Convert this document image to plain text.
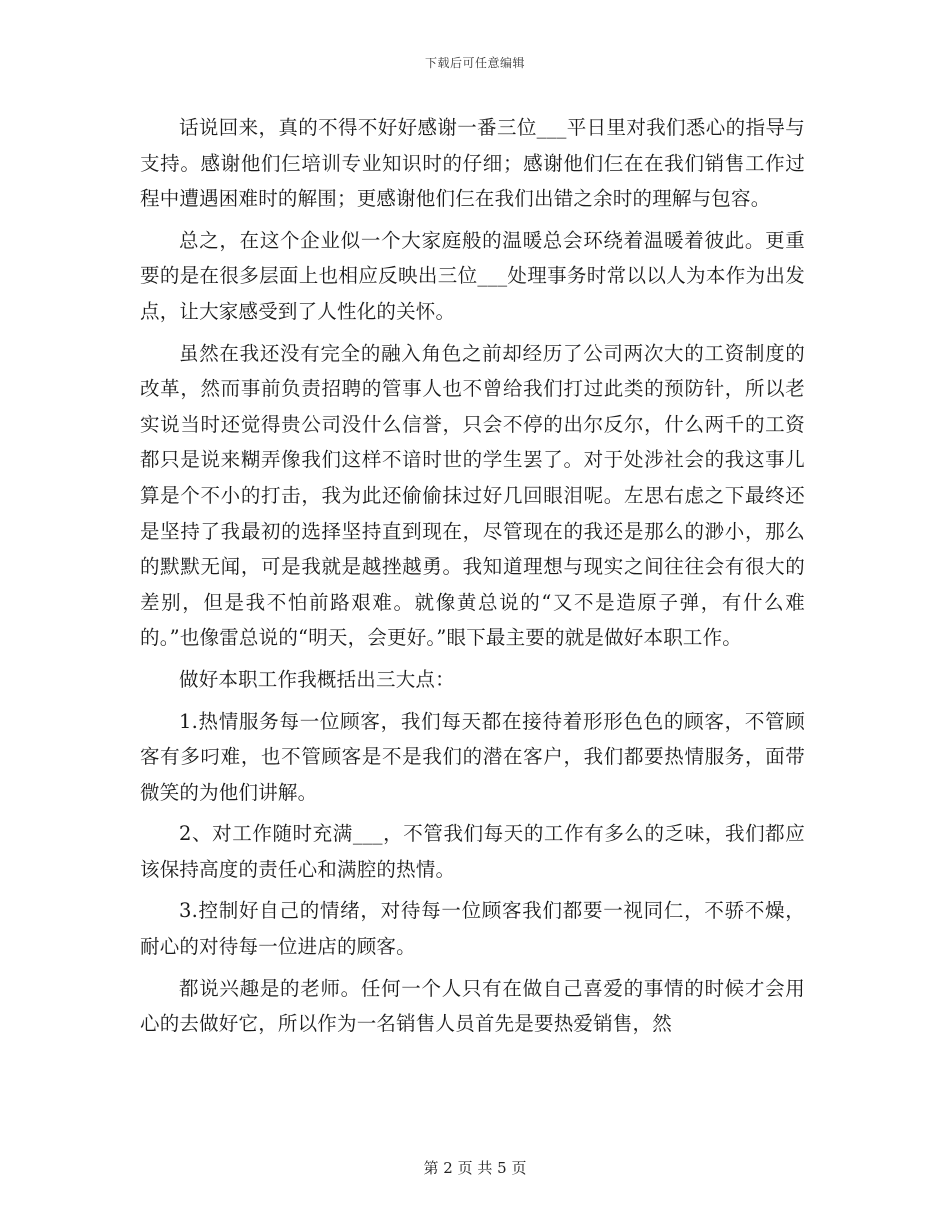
下载后可任意编辑

话说回来，真的不得不好好感谢一番三位___平日里对我们悉心的指导与支持。感谢他们仨培训专业知识时的仔细；感谢他们仨在在我们销售工作过程中遭遇困难时的解围；更感谢他们仨在我们出错之余时的理解与包容。

总之，在这个企业似一个大家庭般的温暖总会环绕着温暖着彼此。更重要的是在很多层面上也相应反映出三位___处理事务时常以以人为本作为出发点，让大家感受到了人性化的关怀。

虽然在我还没有完全的融入角色之前却经历了公司两次大的工资制度的改革，然而事前负责招聘的管事人也不曾给我们打过此类的预防针，所以老实说当时还觉得贵公司没什么信誉，只会不停的出尔反尔，什么两千的工资都只是说来糊弄像我们这样不谙时世的学生罢了。对于处涉社会的我这事儿算是个不小的打击，我为此还偷偷抹过好几回眼泪呢。左思右虑之下最终还是坚持了我最初的选择坚持直到现在，尽管现在的我还是那么的渺小，那么的默默无闻，可是我就是越挫越勇。我知道理想与现实之间往往会有很大的差别，但是我不怕前路艰难。就像黄总说的“又不是造原子弹，有什么难的。”也像雷总说的“明天，会更好。”眼下最主要的就是做好本职工作。

做好本职工作我概括出三大点：

1.热情服务每一位顾客，我们每天都在接待着形形色色的顾客，不管顾客有多叼难，也不管顾客是不是我们的潜在客户，我们都要热情服务，面带微笑的为他们讲解。

2、对工作随时充满___，不管我们每天的工作有多么的乏味，我们都应该保持高度的责任心和满腔的热情。

3.控制好自己的情绪，对待每一位顾客我们都要一视同仁，不骄不燥，耐心的对待每一位进店的顾客。

都说兴趣是的老师。任何一个人只有在做自己喜爱的事情的时候才会用心的去做好它，所以作为一名销售人员首先是要热爱销售，然

第 2 页 共 5 页
